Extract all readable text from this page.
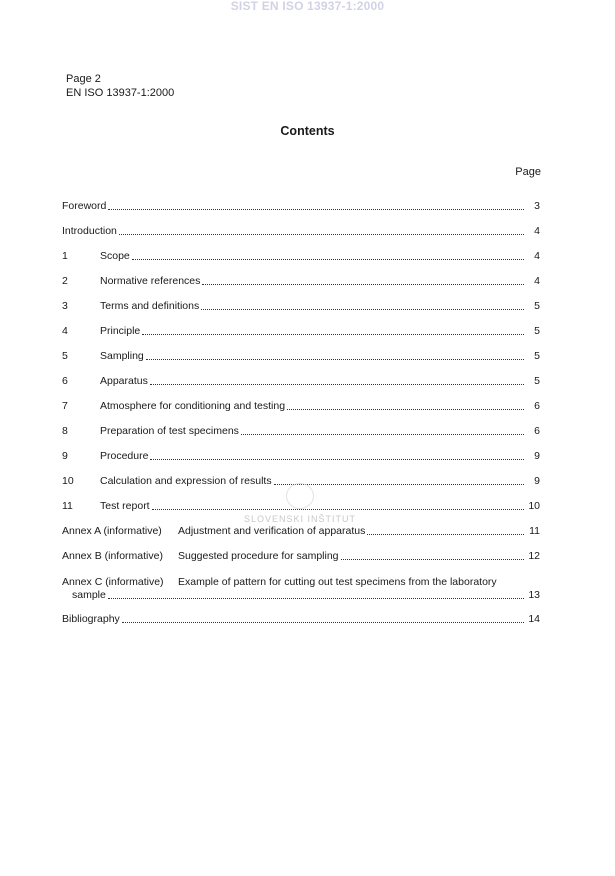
SIST EN ISO 13937-1:2000
Page 2
EN ISO 13937-1:2000
Contents
Page
Foreword	3
Introduction	4
1	Scope	4
2	Normative references	4
3	Terms and definitions	5
4	Principle	5
5	Sampling	5
6	Apparatus	5
7	Atmosphere for conditioning and testing	6
8	Preparation of test specimens	6
9	Procedure	9
10	Calculation and expression of results	9
11	Test report	10
Annex A (informative)	Adjustment and verification of apparatus	11
Annex B (informative)	Suggested procedure for sampling	12
Annex C (informative) Example of pattern for cutting out test specimens from the laboratory
sample	13
Bibliography	14
SLOVENSKI INŠTITUT
